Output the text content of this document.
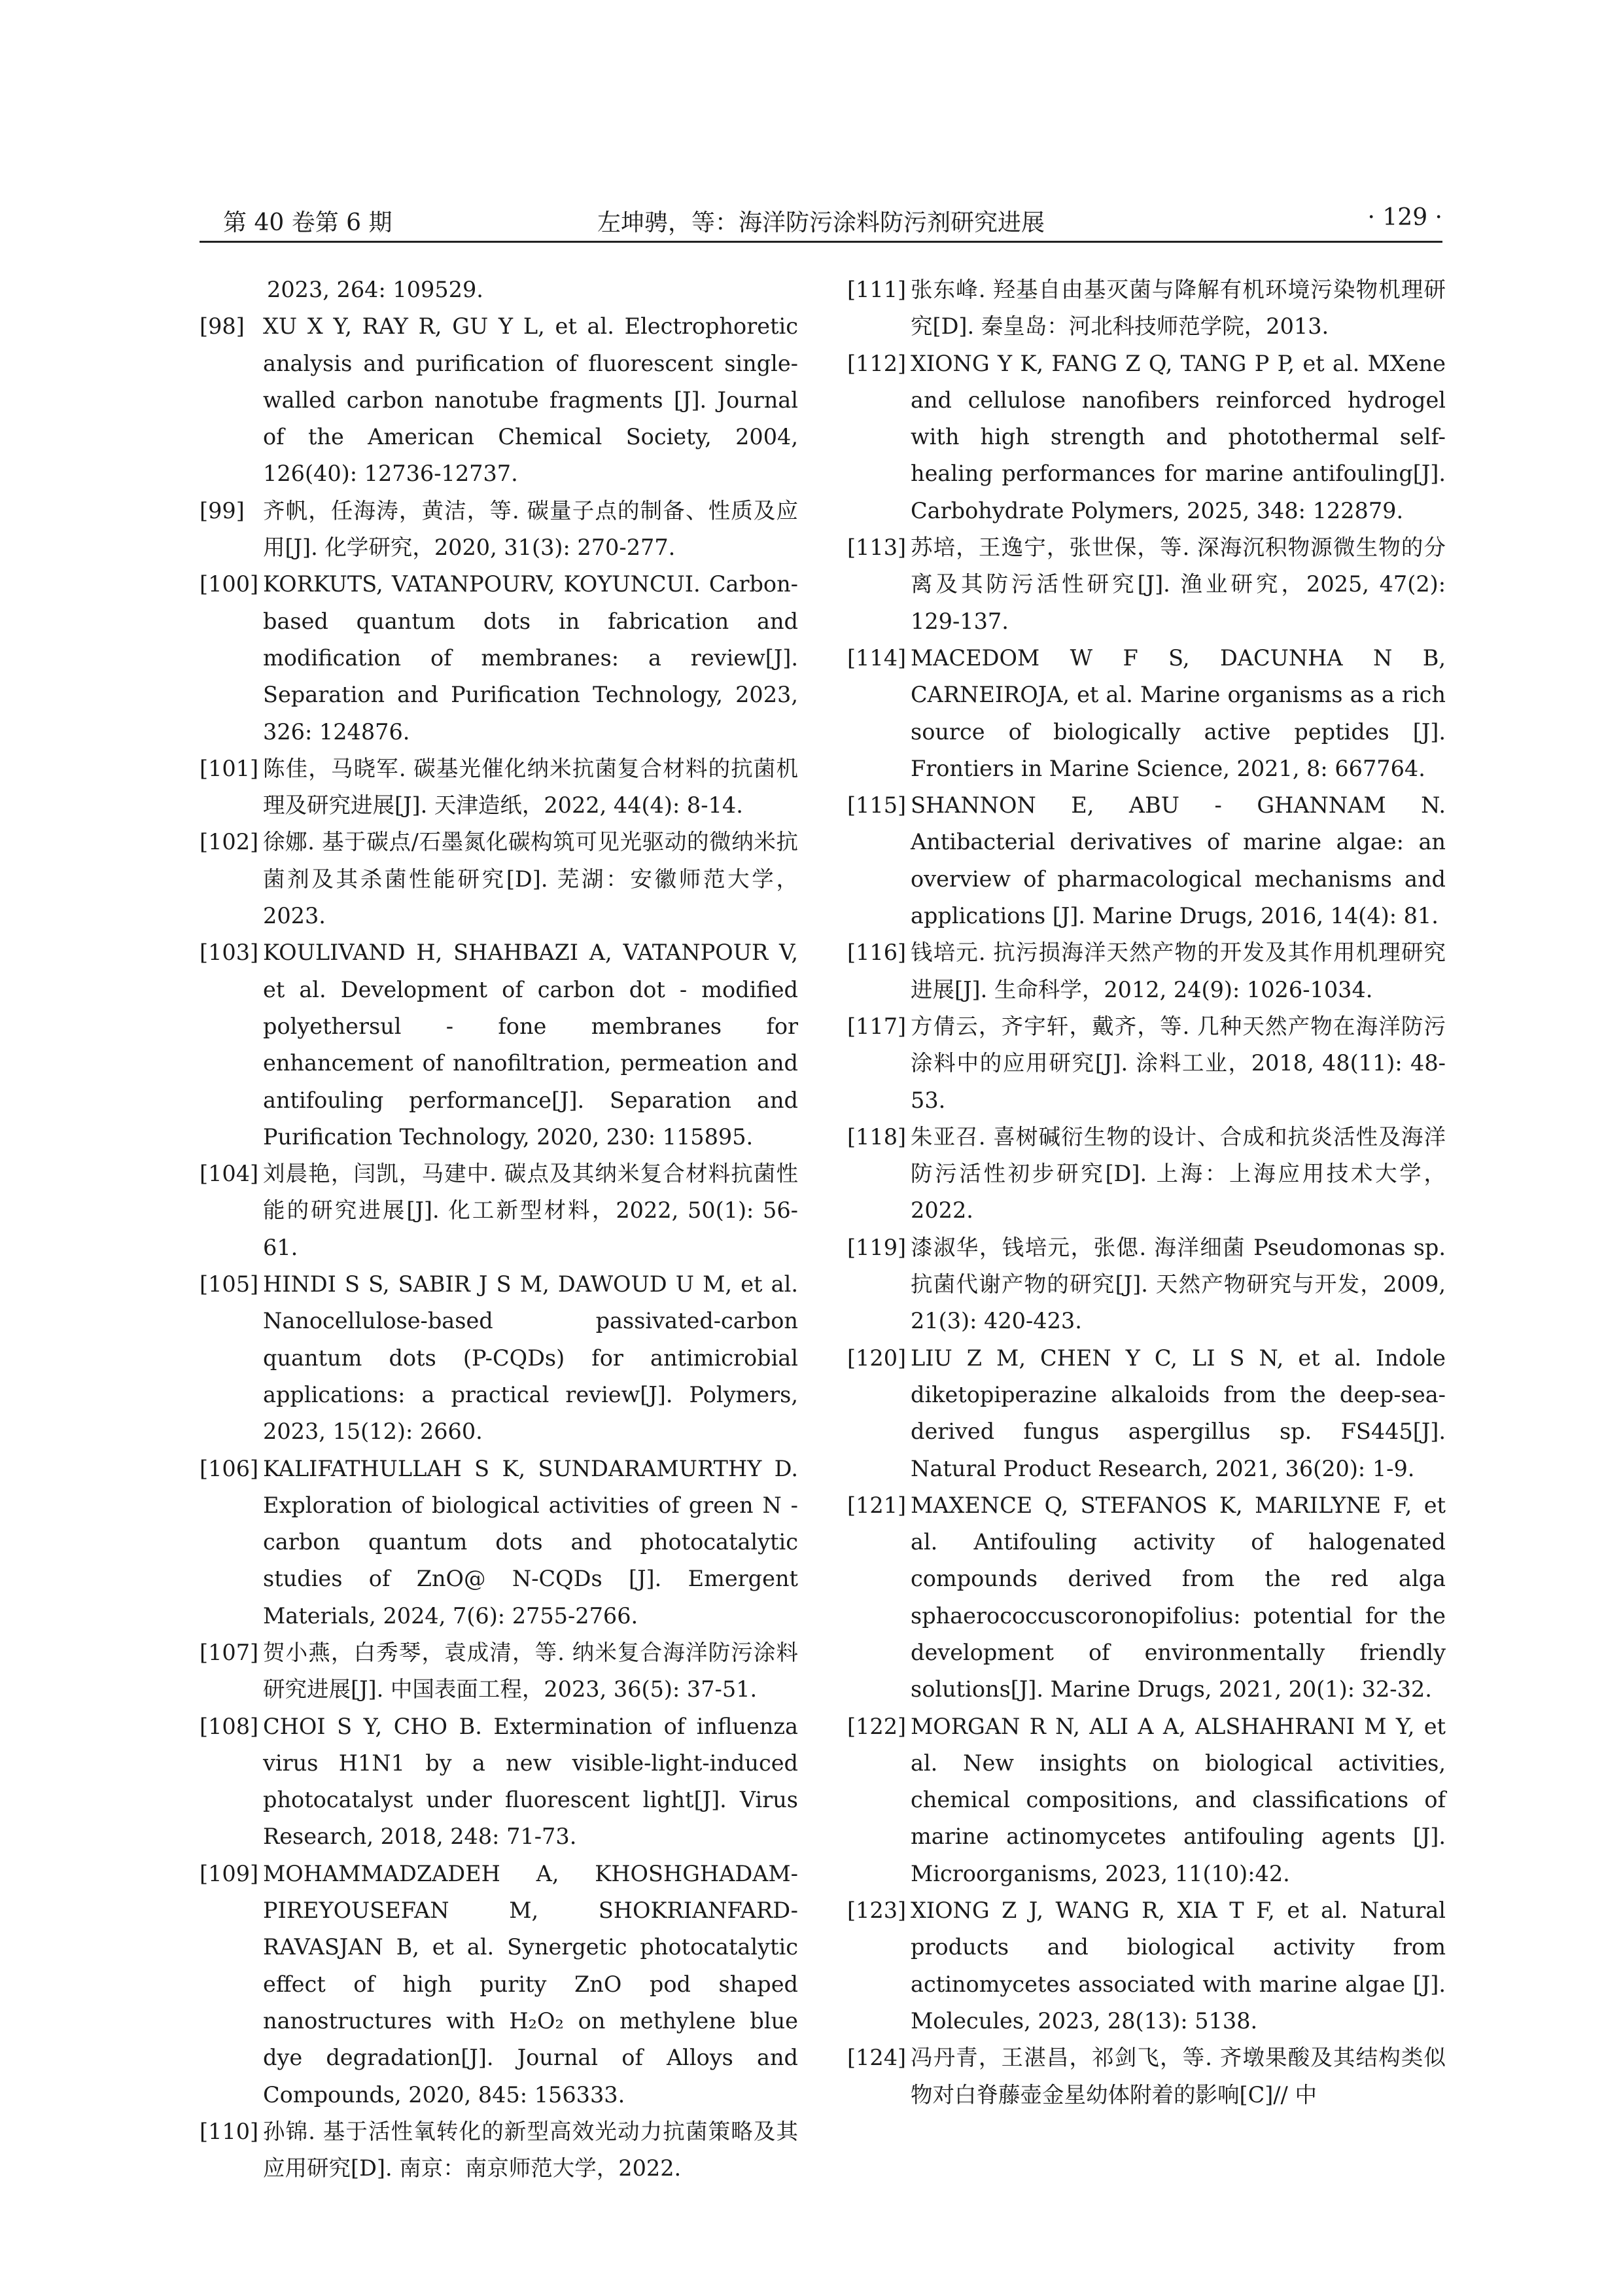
第 40 卷第 6 期	左坤骋，等：海洋防污涂料防污剂研究进展	· 129 ·
2023, 264: 109529.
[98] XU X Y, RAY R, GU Y L, et al. Electrophoretic analysis and purification of fluorescent single-walled carbon nanotube fragments [J]. Journal of the American Chemical Society, 2004, 126(40): 12736-12737.
[99] 齐帆，任海涛，黄洁，等. 碳量子点的制备、性质及应用[J]. 化学研究，2020, 31(3): 270-277.
[100] KORKUTS, VATANPOURV, KOYUNCUI. Carbon-based quantum dots in fabrication and modification of membranes: a review[J]. Separation and Purification Technology, 2023, 326: 124876.
[101] 陈佳，马晓军. 碳基光催化纳米抗菌复合材料的抗菌机理及研究进展[J]. 天津造纸，2022, 44(4): 8-14.
[102] 徐娜. 基于碳点/石墨氮化碳构筑可见光驱动的微纳米抗菌剂及其杀菌性能研究[D]. 芜湖：安徽师范大学，2023.
[103] KOULIVAND H, SHAHBAZI A, VATANPOUR V, et al. Development of carbon dot - modified polyethersul - fone membranes for enhancement of nanofiltration, permeation and antifouling performance[J]. Separation and Purification Technology, 2020, 230: 115895.
[104] 刘晨艳，闫凯，马建中. 碳点及其纳米复合材料抗菌性能的研究进展[J]. 化工新型材料，2022, 50(1): 56-61.
[105] HINDI S S, SABIR J S M, DAWOUD U M, et al. Nanocellulose-based passivated-carbon quantum dots (P-CQDs) for antimicrobial applications: a practical review[J]. Polymers, 2023, 15(12): 2660.
[106] KALIFATHULLAH S K, SUNDARAMURTHY D. Exploration of biological activities of green N - carbon quantum dots and photocatalytic studies of ZnO@ N-CQDs [J]. Emergent Materials, 2024, 7(6): 2755-2766.
[107] 贺小燕，白秀琴，袁成清，等. 纳米复合海洋防污涂料研究进展[J]. 中国表面工程，2023, 36(5): 37-51.
[108] CHOI S Y, CHO B. Extermination of influenza virus H1N1 by a new visible-light-induced photocatalyst under fluorescent light[J]. Virus Research, 2018, 248: 71-73.
[109] MOHAMMADZADEH A, KHOSHGHADAM-PIREYOUSEFAN M, SHOKRIANFARD-RAVASJAN B, et al. Synergetic photocatalytic effect of high purity ZnO pod shaped nanostructures with H₂O₂ on methylene blue dye degradation[J]. Journal of Alloys and Compounds, 2020, 845: 156333.
[110] 孙锦. 基于活性氧转化的新型高效光动力抗菌策略及其应用研究[D]. 南京：南京师范大学，2022.
[111] 张东峰. 羟基自由基灭菌与降解有机环境污染物机理研究[D]. 秦皇岛：河北科技师范学院，2013.
[112] XIONG Y K, FANG Z Q, TANG P P, et al. MXene and cellulose nanofibers reinforced hydrogel with high strength and photothermal self-healing performances for marine antifouling[J]. Carbohydrate Polymers, 2025, 348: 122879.
[113] 苏培，王逸宁，张世保，等. 深海沉积物源微生物的分离及其防污活性研究[J]. 渔业研究，2025, 47(2): 129-137.
[114] MACEDOM W F S, DACUNHA N B, CARNEIROJA, et al. Marine organisms as a rich source of biologically active peptides [J]. Frontiers in Marine Science, 2021, 8: 667764.
[115] SHANNON E, ABU - GHANNAM N. Antibacterial derivatives of marine algae: an overview of pharmacological mechanisms and applications [J]. Marine Drugs, 2016, 14(4): 81.
[116] 钱培元. 抗污损海洋天然产物的开发及其作用机理研究进展[J]. 生命科学，2012, 24(9): 1026-1034.
[117] 方倩云，齐宇轩，戴齐，等. 几种天然产物在海洋防污涂料中的应用研究[J]. 涂料工业，2018, 48(11): 48-53.
[118] 朱亚召. 喜树碱衍生物的设计、合成和抗炎活性及海洋防污活性初步研究[D]. 上海：上海应用技术大学，2022.
[119] 漆淑华，钱培元，张偲. 海洋细菌 Pseudomonas sp. 抗菌代谢产物的研究[J]. 天然产物研究与开发，2009, 21(3): 420-423.
[120] LIU Z M, CHEN Y C, LI S N, et al. Indole diketopiperazine alkaloids from the deep-sea-derived fungus aspergillus sp. FS445[J]. Natural Product Research, 2021, 36(20): 1-9.
[121] MAXENCE Q, STEFANOS K, MARILYNE F, et al. Antifouling activity of halogenated compounds derived from the red alga sphaerococcuscoronopifolius: potential for the development of environmentally friendly solutions[J]. Marine Drugs, 2021, 20(1): 32-32.
[122] MORGAN R N, ALI A A, ALSHAHRANI M Y, et al. New insights on biological activities, chemical compositions, and classifications of marine actinomycetes antifouling agents [J]. Microorganisms, 2023, 11(10):42.
[123] XIONG Z J, WANG R, XIA T F, et al. Natural products and biological activity from actinomycetes associated with marine algae [J]. Molecules, 2023, 28(13): 5138.
[124] 冯丹青，王湛昌，祁剑飞，等. 齐墩果酸及其结构类似物对白脊藤壶金星幼体附着的影响[C]// 中
